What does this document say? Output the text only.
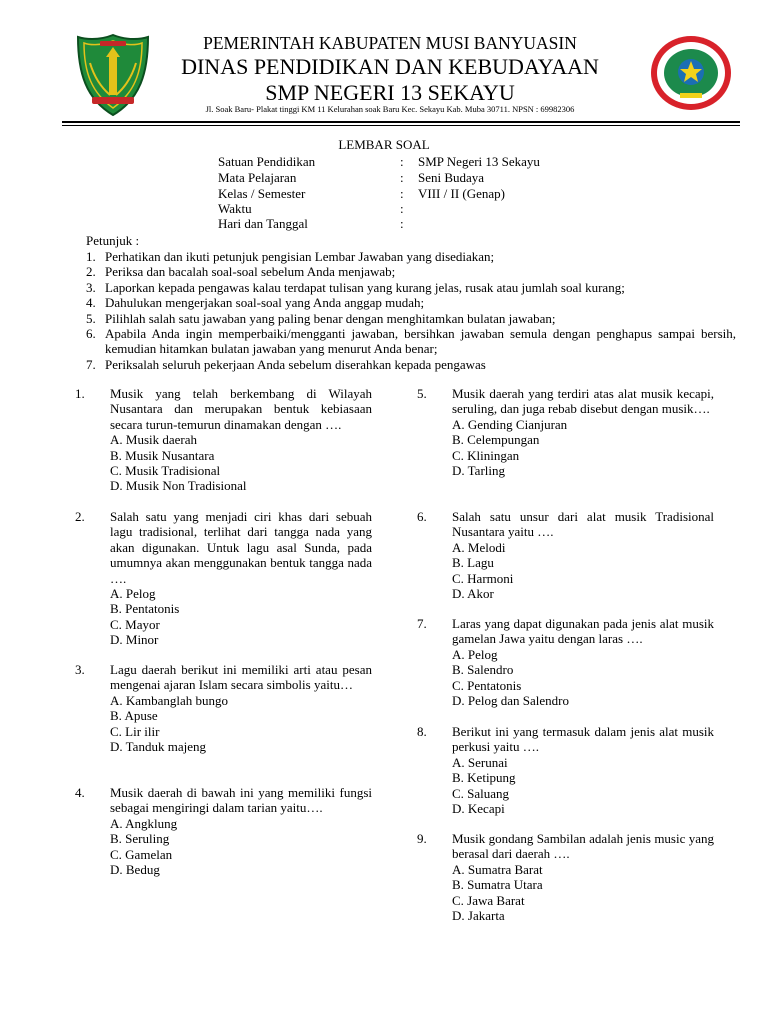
PEMERINTAH KABUPATEN MUSI BANYUASIN
DINAS PENDIDIKAN DAN KEBUDAYAAN
SMP NEGERI 13 SEKAYU
Jl. Soak Baru- Plakat tinggi KM 11 Kelurahan soak Baru Kec. Sekayu Kab. Muba 30711. NPSN : 69982306
LEMBAR SOAL
Satuan Pendidikan	: SMP Negeri 13 Sekayu
Mata Pelajaran	: Seni Budaya
Kelas / Semester	: VIII / II (Genap)
Waktu	:
Hari dan Tanggal	:
Petunjuk :
1. Perhatikan dan ikuti petunjuk pengisian Lembar Jawaban yang disediakan;
2. Periksa dan bacalah soal-soal sebelum Anda menjawab;
3. Laporkan kepada pengawas kalau terdapat tulisan yang kurang jelas, rusak atau jumlah soal kurang;
4. Dahulukan mengerjakan soal-soal yang Anda anggap mudah;
5. Pilihlah salah satu jawaban yang paling benar dengan menghitamkan bulatan jawaban;
6. Apabila Anda ingin memperbaiki/mengganti jawaban, bersihkan jawaban semula dengan penghapus sampai bersih, kemudian hitamkan bulatan jawaban yang menurut Anda benar;
7. Periksalah seluruh pekerjaan Anda sebelum diserahkan kepada pengawas
1. Musik yang telah berkembang di Wilayah Nusantara dan merupakan bentuk kebiasaan secara turun-temurun dinamakan dengan ….
A. Musik daerah
B. Musik Nusantara
C. Musik Tradisional
D. Musik Non Tradisional
2. Salah satu yang menjadi ciri khas dari sebuah lagu tradisional, terlihat dari tangga nada yang akan digunakan. Untuk lagu asal Sunda, pada umumnya akan menggunakan bentuk tangga nada ….
A. Pelog
B. Pentatonis
C. Mayor
D. Minor
3. Lagu daerah berikut ini memiliki arti atau pesan mengenai ajaran Islam secara simbolis yaitu…
A. Kambanglah bungo
B. Apuse
C. Lir ilir
D. Tanduk majeng
4. Musik daerah di bawah ini yang memiliki fungsi sebagai mengiringi dalam tarian yaitu….
A. Angklung
B. Seruling
C. Gamelan
D. Bedug
5. Musik daerah yang terdiri atas alat musik kecapi, seruling, dan juga rebab disebut dengan musik….
A. Gending Cianjuran
B. Celempungan
C. Kliningan
D. Tarling
6. Salah satu unsur dari alat musik Tradisional Nusantara yaitu ….
A. Melodi
B. Lagu
C. Harmoni
D. Akor
7. Laras yang dapat digunakan pada jenis alat musik gamelan Jawa yaitu dengan laras ….
A. Pelog
B. Salendro
C. Pentatonis
D. Pelog dan Salendro
8. Berikut ini yang termasuk dalam jenis alat musik perkusi yaitu ….
A. Serunai
B. Ketipung
C. Saluang
D. Kecapi
9. Musik gondang Sambilan adalah jenis music yang berasal dari daerah ….
A. Sumatra Barat
B. Sumatra Utara
C. Jawa Barat
D. Jakarta
